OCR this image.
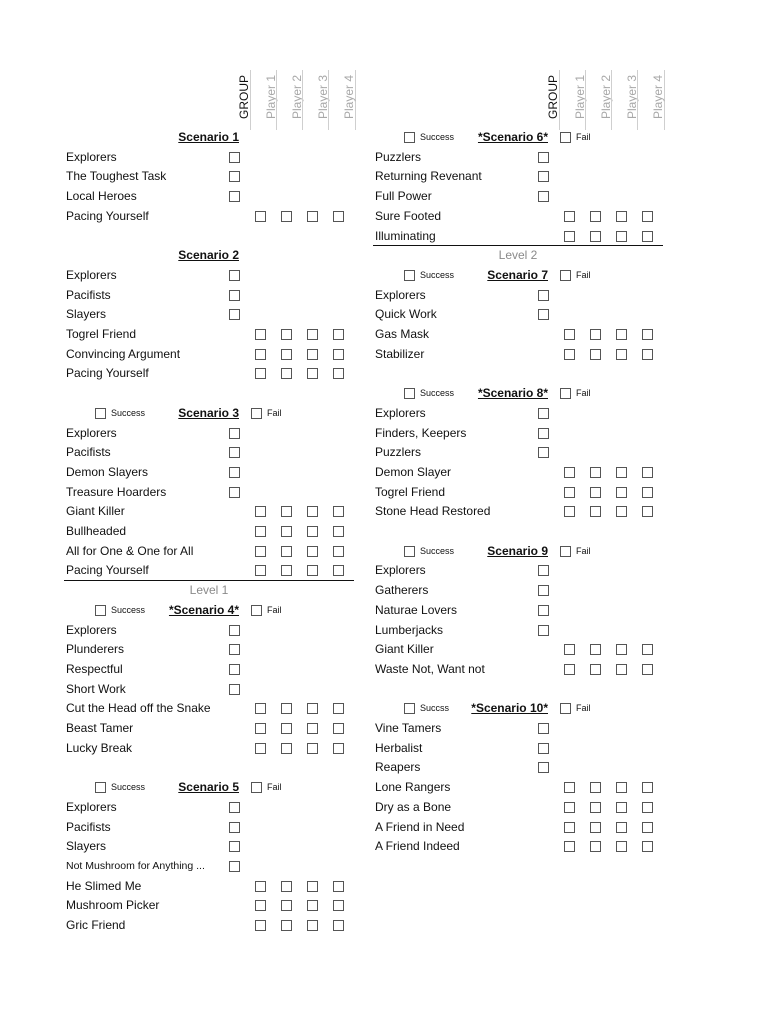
GROUP Player 1 Player 2 Player 3 Player 4
Scenario 1
Explorers
The Toughest Task
Local Heroes
Pacing Yourself
Scenario 2
Explorers
Pacifists
Slayers
Togrel Friend
Convincing Argument
Pacing Yourself
Scenario 3
Success	Fail
Explorers
Pacifists
Demon Slayers
Treasure Hoarders
Giant Killer
Bullheaded
All for One & One for All
Pacing Yourself
Level 1
*Scenario 4*
Success	Fail
Explorers
Plunderers
Respectful
Short Work
Cut the Head off the Snake
Beast Tamer
Lucky Break
Scenario 5
Success	Fail
Explorers
Pacifists
Slayers
Not Mushroom for Anything ...
He Slimed Me
Mushroom Picker
Gric Friend
GROUP Player 1 Player 2 Player 3 Player 4
*Scenario 6*
Success	Fail
Puzzlers
Returning Revenant
Full Power
Sure Footed
Illuminating
Level 2
Scenario 7
Success	Fail
Explorers
Quick Work
Gas Mask
Stabilizer
*Scenario 8*
Success	Fail
Explorers
Finders, Keepers
Puzzlers
Demon Slayer
Togrel Friend
Stone Head Restored
Scenario 9
Success	Fail
Explorers
Gatherers
Naturae Lovers
Lumberjacks
Giant Killer
Waste Not, Want not
*Scenario 10*
Succss	Fail
Vine Tamers
Herbalist
Reapers
Lone Rangers
Dry as a Bone
A Friend in Need
A Friend Indeed
